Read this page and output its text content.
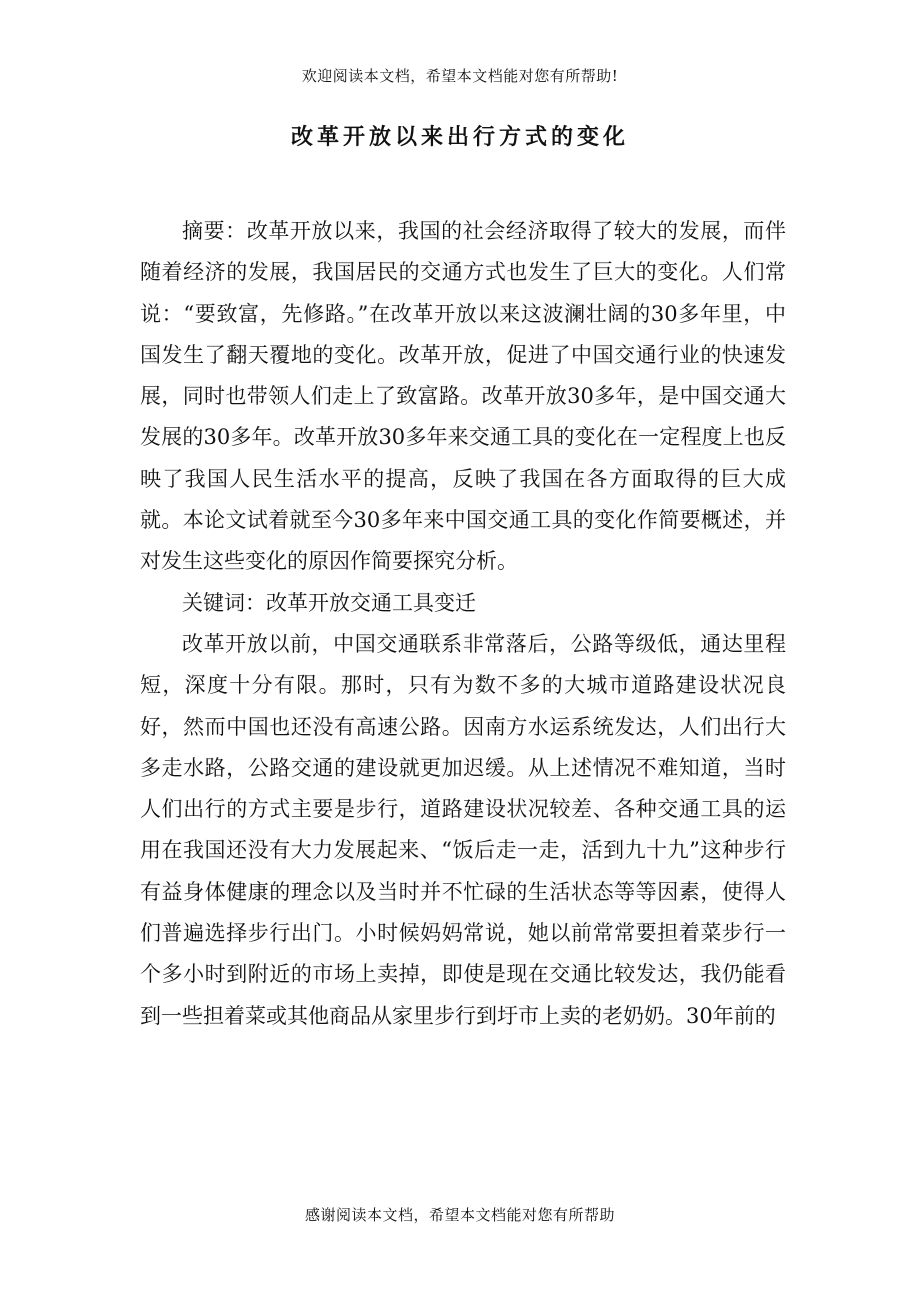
欢迎阅读本文档，希望本文档能对您有所帮助!
改革开放以来出行方式的变化

摘要：改革开放以来，我国的社会经济取得了较大的发展，而伴随着经济的发展，我国居民的交通方式也发生了巨大的变化。人们常说：“要致富，先修路。”在改革开放以来这波澜壮阔的30多年里，中国发生了翻天覆地的变化。改革开放，促进了中国交通行业的快速发展，同时也带领人们走上了致富路。改革开放30多年，是中国交通大发展的30多年。改革开放30多年来交通工具的变化在一定程度上也反映了我国人民生活水平的提高，反映了我国在各方面取得的巨大成就。本论文试着就至今30多年来中国交通工具的变化作简要概述，并对发生这些变化的原因作简要探究分析。

关键词：改革开放交通工具变迁

改革开放以前，中国交通联系非常落后，公路等级低，通达里程短，深度十分有限。那时，只有为数不多的大城市道路建设状况良好，然而中国也还没有高速公路。因南方水运系统发达，人们出行大多走水路，公路交通的建设就更加迟缓。从上述情况不难知道，当时人们出行的方式主要是步行，道路建设状况较差、各种交通工具的运用在我国还没有大力发展起来、“饭后走一走，活到九十九”这种步行有益身体健康的理念以及当时并不忙碌的生活状态等等因素，使得人们普遍选择步行出门。小时候妈妈常说，她以前常常要担着菜步行一个多小时到附近的市场上卖掉，即使是现在交通比较发达，我仍能看到一些担着菜或其他商品从家里步行到圩市上卖的老奶奶。30年前的

感谢阅读本文档，希望本文档能对您有所帮助
